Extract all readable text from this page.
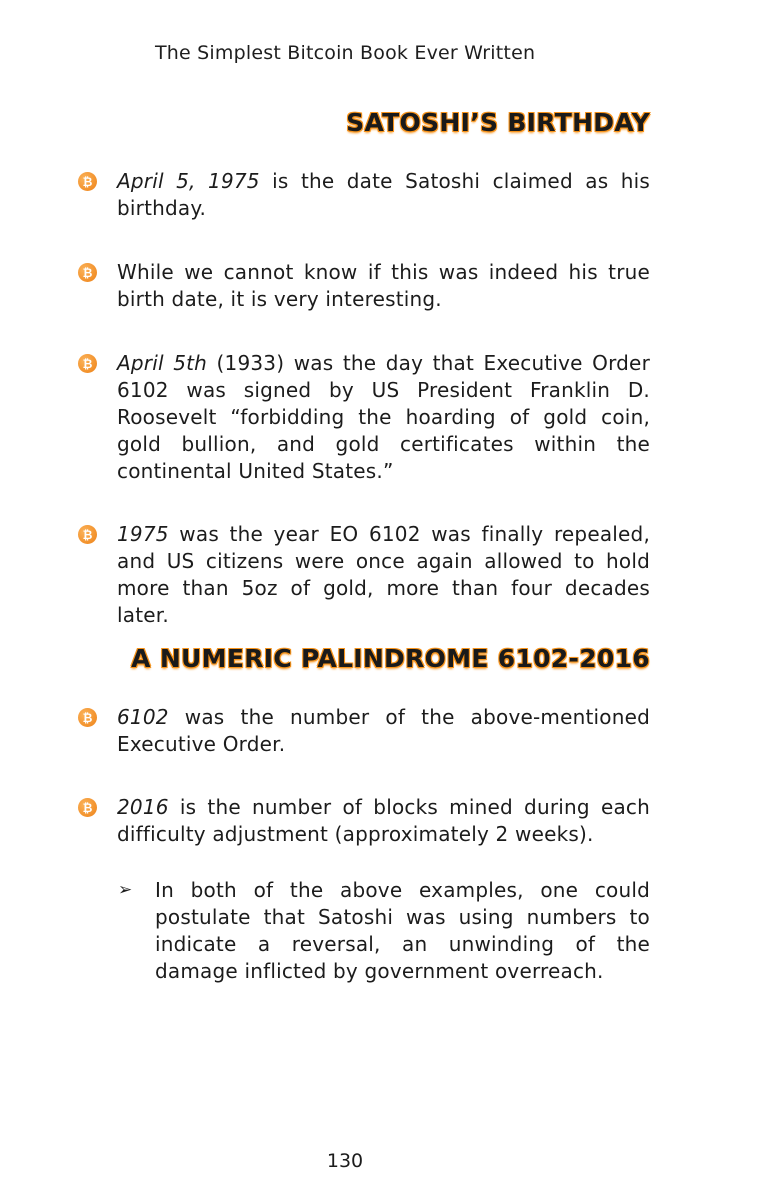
The Simplest Bitcoin Book Ever Written
SATOSHI’S BIRTHDAY
₿ April 5, 1975 is the date Satoshi claimed as his birthday.
₿ While we cannot know if this was indeed his true birth date, it is very interesting.
₿ April 5th (1933) was the day that Executive Order 6102 was signed by US President Franklin D. Roosevelt “forbidding the hoarding of gold coin, gold bullion, and gold certificates within the continental United States.”
₿ 1975 was the year EO 6102 was finally repealed, and US citizens were once again allowed to hold more than 5oz of gold, more than four decades later.
A NUMERIC PALINDROME 6102-2016
₿ 6102 was the number of the above-mentioned Executive Order.
₿ 2016 is the number of blocks mined during each difficulty adjustment (approximately 2 weeks).
➢ In both of the above examples, one could postulate that Satoshi was using numbers to indicate a reversal, an unwinding of the damage inflicted by government overreach.
130
